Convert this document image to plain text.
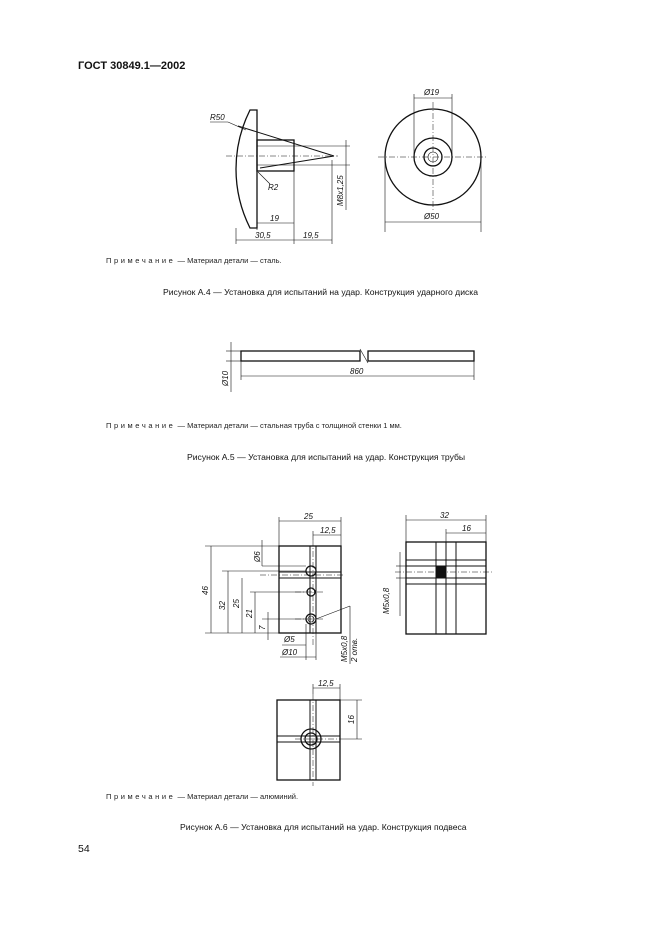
ГОСТ 30849.1—2002
R50
R2
19
30,5	19,5
M8x1,25
Ø19
Ø50
Примечание — Материал детали — сталь.
Рисунок А.4 — Установка для испытаний на удар. Конструкция ударного диска
Ø10	860
Примечание — Материал детали — стальная труба с толщиной стенки 1 мм.
Рисунок А.5 — Установка для испытаний на удар. Конструкция трубы
25
12,5
46
32 25
21
7
Ø6
Ø5
Ø10	M5x0,8 2 отв.
32
16
M5x0,8
12,5
16
Примечание — Материал детали — алюминий.
Рисунок А.6 — Установка для испытаний на удар. Конструкция подвеса
54
